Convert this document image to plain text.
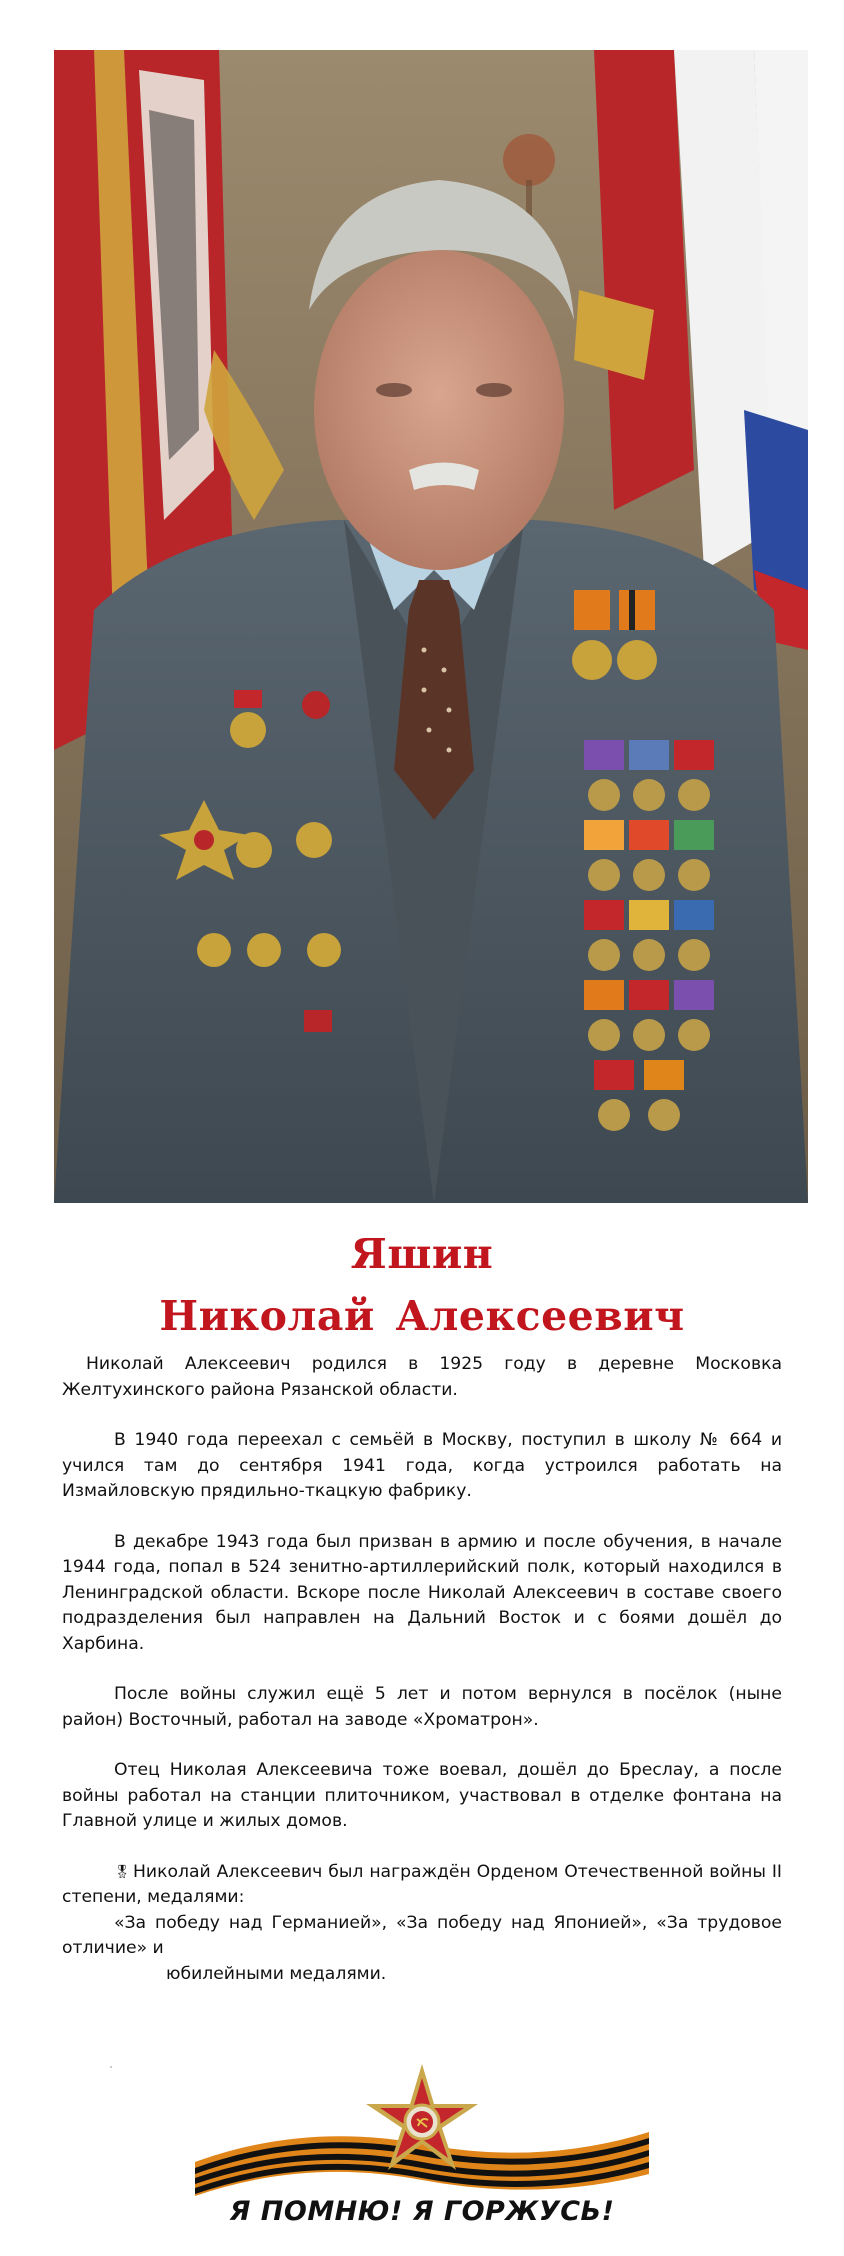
Яшин
Николай Алексеевич

Николай Алексеевич родился в 1925 году в деревне Московка Желтухинского района Рязанской области.

В 1940 года переехал с семьёй в Москву, поступил в школу № 664 и учился там до сентября 1941 года, когда устроился работать на Измайловскую прядильно-ткацкую фабрику.

В декабре 1943 года был призван в армию и после обучения, в начале 1944 года, попал в 524 зенитно-артиллерийский полк, который находился в Ленинградской области. Вскоре после Николай Алексеевич в составе своего подразделения был направлен на Дальний Восток и с боями дошёл до Харбина.

После войны служил ещё 5 лет и потом вернулся в посёлок (ныне район) Восточный, работал на заводе «Хроматрон».

Отец Николая Алексеевича тоже воевал, дошёл до Бреслау, а после войны работал на станции плиточником, участвовал в отделке фонтана на Главной улице и жилых домов.

🎖 Николай Алексеевич был награждён Орденом Отечественной войны II степени, медалями:

«За победу над Германией», «За победу над Японией», «За трудовое отличие» и

юбилейными медалями.

Я ПОМНЮ! Я ГОРЖУСЬ!
